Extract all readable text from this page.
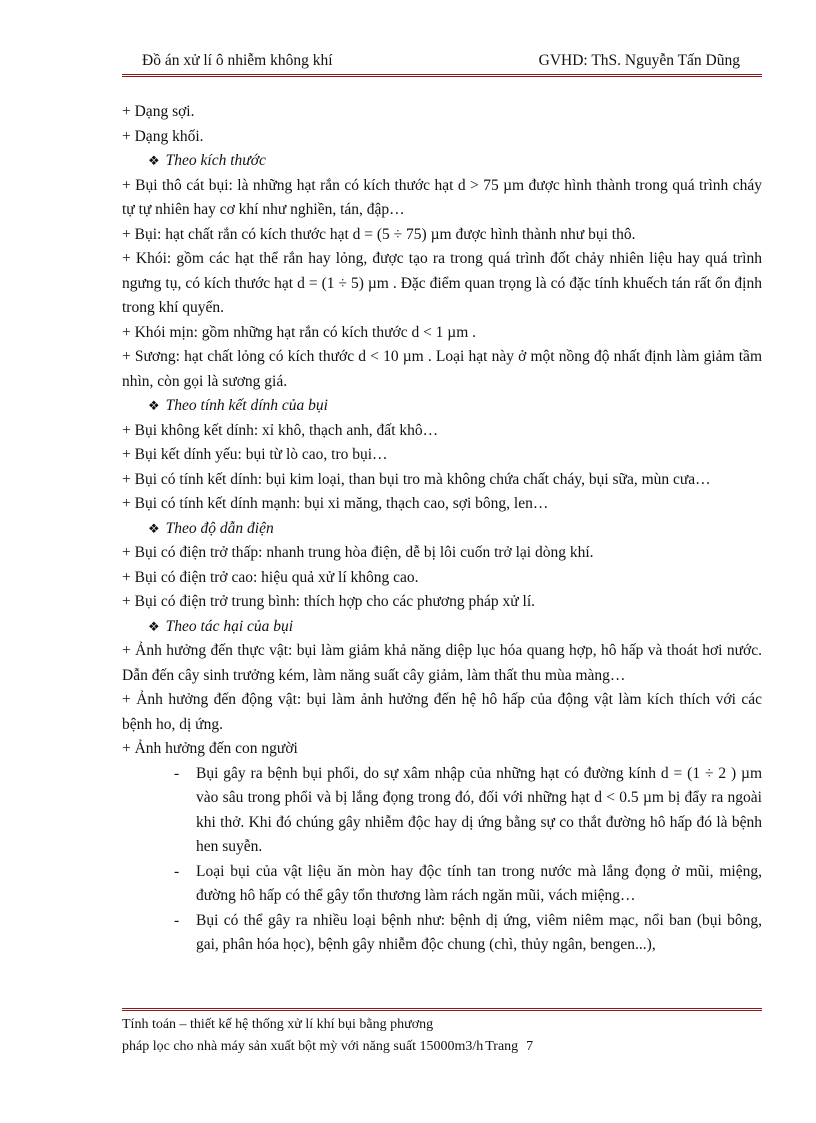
Đồ án xử lí ô nhiễm không khí	GVHD: ThS. Nguyễn Tấn Dũng

+ Dạng sợi.

+ Dạng khối.

❖ Theo kích thước

+ Bụi thô cát bụi: là những hạt rắn có kích thước hạt d > 75 µm được hình thành trong quá trình cháy tự tự nhiên hay cơ khí như nghiền, tán, đập…

+ Bụi: hạt chất rắn có kích thước hạt d = (5 ÷ 75) µm được hình thành như bụi thô.

+ Khói: gồm các hạt thể rắn hay lỏng, được tạo ra trong quá trình đốt chảy nhiên liệu hay quá trình ngưng tụ, có kích thước hạt d = (1 ÷ 5) µm . Đặc điểm quan trọng là có đặc tính khuếch tán rất ổn định trong khí quyển.

+ Khói mịn: gồm những hạt rắn có kích thước d < 1 µm .

+ Sương: hạt chất lỏng có kích thước d < 10 µm . Loại hạt này ở một nồng độ nhất định làm giảm tầm nhìn, còn gọi là sương giá.

❖ Theo tính kết dính của bụi

+ Bụi không kết dính: xỉ khô, thạch anh, đất khô…

+ Bụi kết dính yếu: bụi từ lò cao, tro bụi…

+ Bụi có tính kết dính: bụi kim loại, than bụi tro mà không chứa chất cháy, bụi sữa, mùn cưa…

+ Bụi có tính kết dính mạnh: bụi xi măng, thạch cao, sợi bông, len…

❖ Theo độ dẫn điện

+ Bụi có điện trở thấp: nhanh trung hòa điện, dễ bị lôi cuốn trở lại dòng khí.

+ Bụi có điện trở cao: hiệu quả xử lí không cao.

+ Bụi có điện trở trung bình: thích hợp cho các phương pháp xử lí.

❖ Theo tác hại của bụi

+ Ảnh hưởng đến thực vật: bụi làm giảm khả năng diệp lục hóa quang hợp, hô hấp và thoát hơi nước. Dẫn đến cây sinh trưởng kém, làm năng suất cây giảm, làm thất thu mùa màng…

+ Ảnh hưởng đến động vật: bụi làm ảnh hưởng đến hệ hô hấp của động vật làm kích thích với các bệnh ho, dị ứng.

+ Ảnh hưởng đến con người

- Bụi gây ra bệnh bụi phổi, do sự xâm nhập của những hạt có đường kính d = (1 ÷ 2 ) µm vào sâu trong phổi và bị lắng đọng trong đó, đối với những hạt d < 0.5 µm bị đẩy ra ngoài khi thở. Khi đó chúng gây nhiễm độc hay dị ứng bằng sự co thắt đường hô hấp đó là bệnh hen suyễn.
- Loại bụi của vật liệu ăn mòn hay độc tính tan trong nước mà lắng đọng ở mũi, miệng, đường hô hấp có thể gây tổn thương làm rách ngăn mũi, vách miệng…
- Bụi có thể gây ra nhiều loại bệnh như: bệnh dị ứng, viêm niêm mạc, nổi ban (bụi bông, gai, phân hóa học), bệnh gây nhiễm độc chung (chì, thủy ngân, bengen...),
Tính toán – thiết kế hệ thống xử lí khí bụi bằng phương
pháp lọc cho nhà máy sản xuất bột mỳ với năng suất 15000m3/h Trang 7
